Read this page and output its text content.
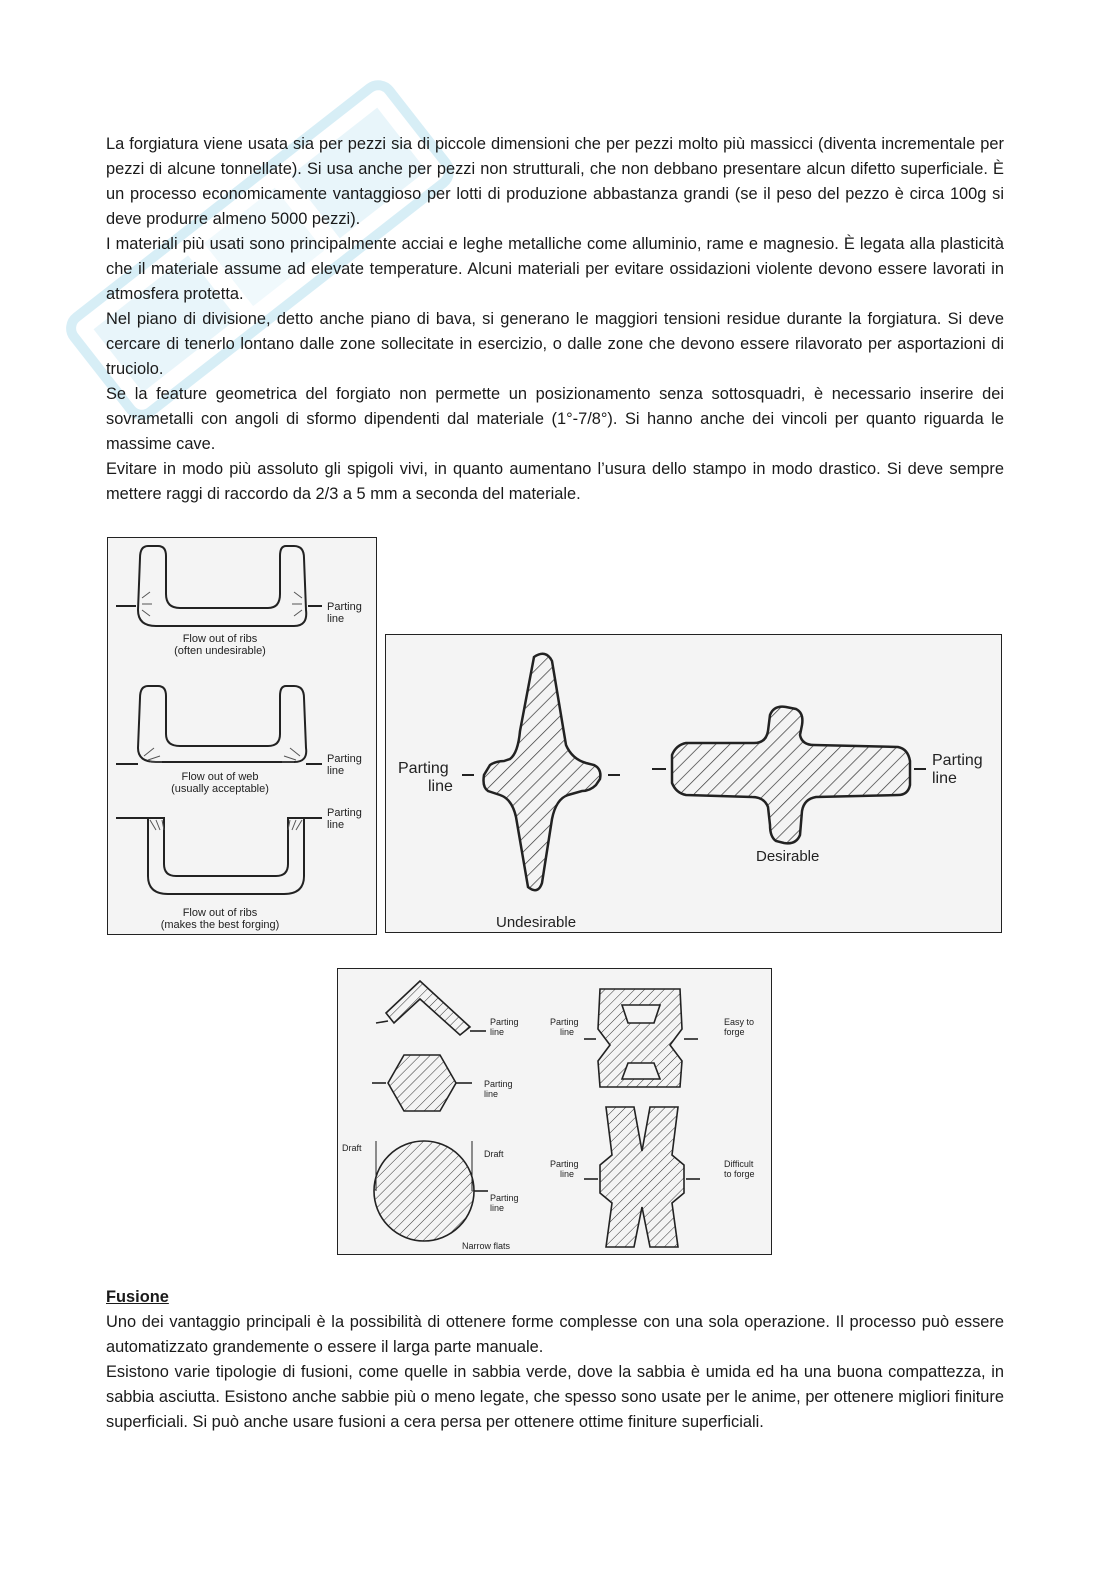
La forgiatura viene usata sia per pezzi sia di piccole dimensioni che per pezzi molto più massicci (diventa incrementale per pezzi di alcune tonnellate). Si usa anche per pezzi non strutturali, che non debbano presentare alcun difetto superficiale. È un processo economicamente vantaggioso per lotti di produzione abbastanza grandi (se il peso del pezzo è circa 100g si deve produrre almeno 5000 pezzi).

I materiali più usati sono principalmente acciai e leghe metalliche come alluminio, rame e magnesio. È legata alla plasticità che il materiale assume ad elevate temperature. Alcuni materiali per evitare ossidazioni violente devono essere lavorati in atmosfera protetta.

Nel piano di divisione, detto anche piano di bava, si generano le maggiori tensioni residue durante la forgiatura. Si deve cercare di tenerlo lontano dalle zone sollecitate in esercizio, o dalle zone che devono essere rilavorato per asportazioni di truciolo.

Se la feature geometrica del forgiato non permette un posizionamento senza sottosquadri, è necessario inserire dei sovrametalli con angoli di sformo dipendenti dal materiale (1°-7/8°). Si hanno anche dei vincoli per quanto riguarda le massime cave.

Evitare in modo più assoluto gli spigoli vivi, in quanto aumentano l’usura dello stampo in modo drastico. Si deve sempre mettere raggi di raccordo da 2/3 a 5 mm a seconda del materiale.

Parting
line
Flow out of ribs
(often undesirable)
Parting
line
Flow out of web
(usually acceptable)
Parting
line
Flow out of ribs
(makes the best forging)
Parting
line
Undesirable
Parting
line
Desirable
Parting
line
Parting
line
Draft
Draft
Parting
line
Narrow flats
Parting
line
Easy to
forge
Parting
line
Difficult
to forge

Fusione

Uno dei vantaggio principali è la possibilità di ottenere forme complesse con una sola operazione. Il processo può essere automatizzato grandemente o essere il larga parte manuale.

Esistono varie tipologie di fusioni, come quelle in sabbia verde, dove la sabbia è umida ed ha una buona compattezza, in sabbia asciutta. Esistono anche sabbie più o meno legate, che spesso sono usate per le anime, per ottenere migliori finiture superficiali. Si può anche usare fusioni a cera persa per ottenere ottime finiture superficiali.
